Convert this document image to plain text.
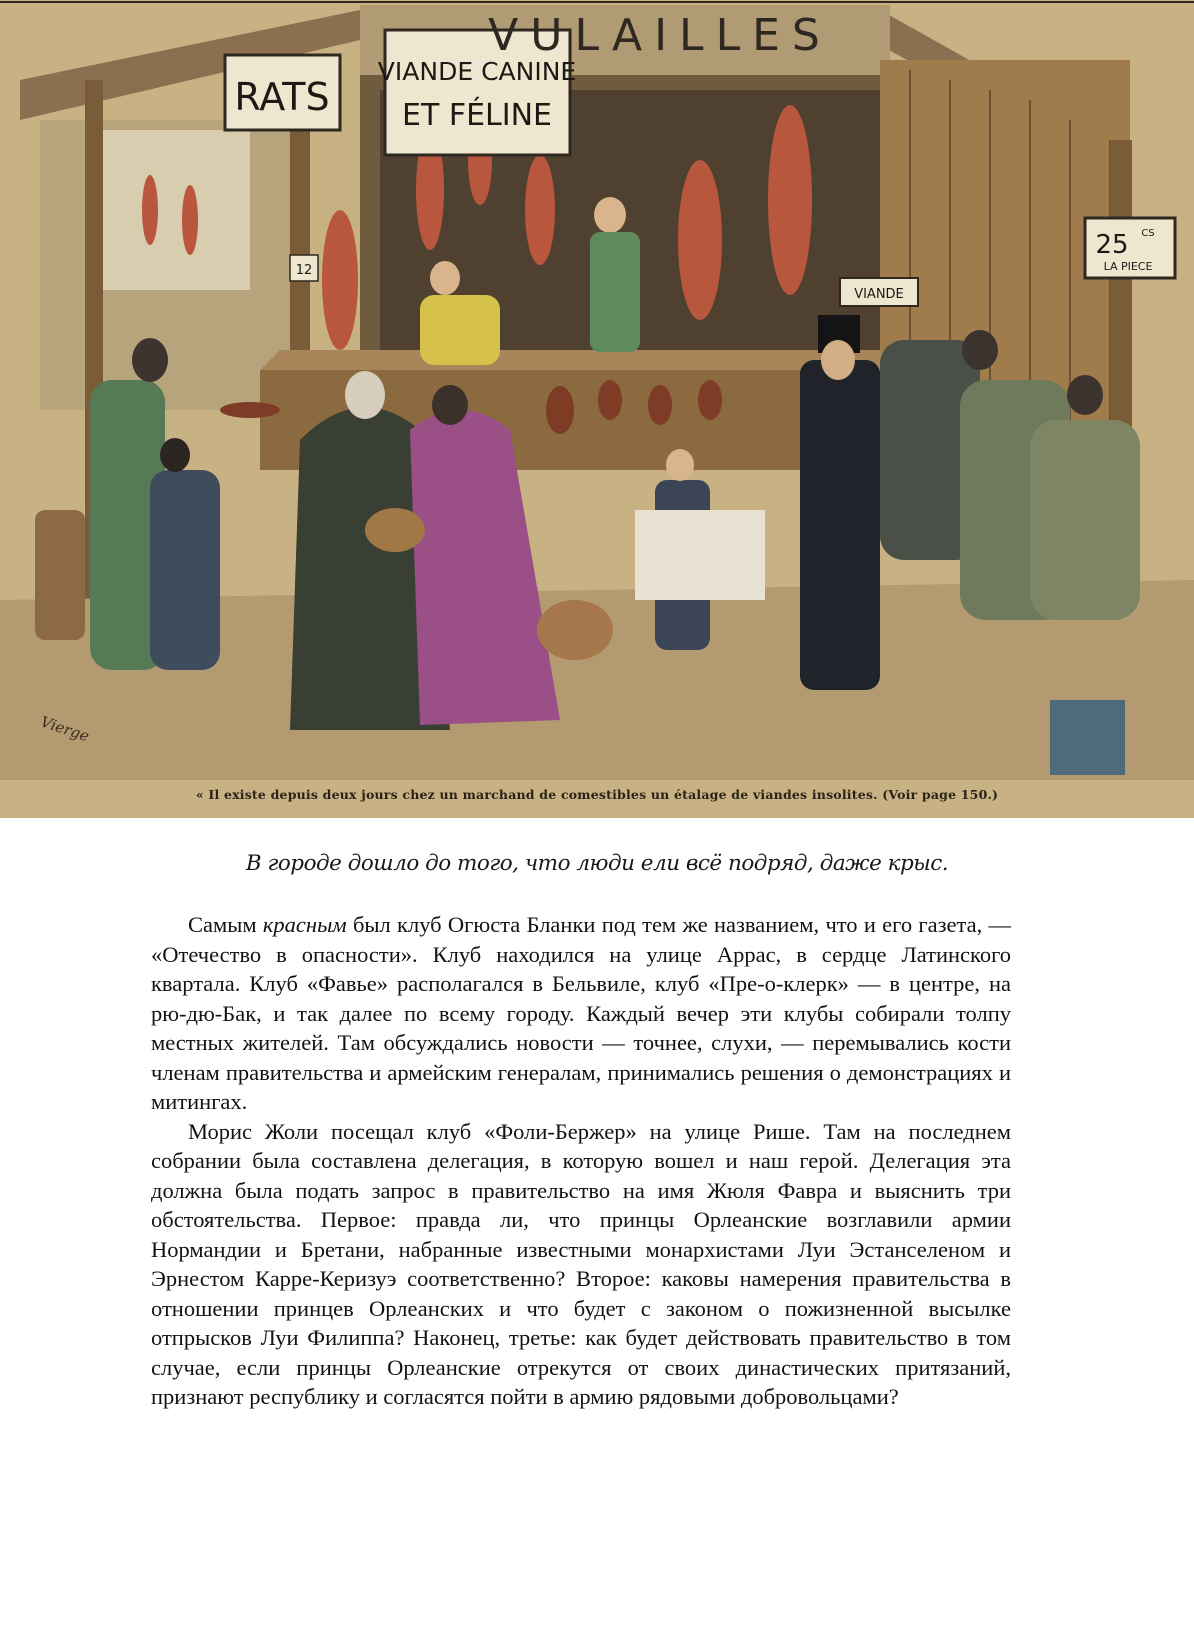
RATS
VIANDE CANINE
ET FÉLINE
VULAILLES
25 CS
LA PIECE
VIANDE
12
Vierge
« Il existe depuis deux jours chez un marchand de comestibles un étalage de viandes insolites. (Voir page 150.)
В городе дошло до того, что люди ели всё подряд, даже крыс.

Самым красным был клуб Огюста Бланки под тем же названием, что и его газета, — «Отечество в опасности». Клуб находился на улице Аррас, в сердце Латинского квартала. Клуб «Фавье» располагался в Бельвиле, клуб «Пре-о-клерк» — в центре, на рю-дю-Бак, и так далее по всему городу. Каждый вечер эти клубы собирали толпу местных жителей. Там обсуждались новости — точнее, слухи, — перемывались кости членам правительства и армейским генералам, принимались решения о демонстрациях и митингах.

Морис Жоли посещал клуб «Фоли-Бержер» на улице Рише. Там на последнем собрании была составлена делегация, в которую вошел и наш герой. Делегация эта должна была подать запрос в правительство на имя Жюля Фавра и выяснить три обстоятельства. Первое: правда ли, что принцы Орлеанские возглавили армии Нормандии и Бретани, набранные известными монархистами Луи Эстанселеном и Эрнестом Карре-Керизуэ соответственно? Второе: каковы намерения правительства в отношении принцев Орлеанских и что будет с законом о пожизненной высылке отпрысков Луи Филиппа? Наконец, третье: как будет действовать правительство в том случае, если принцы Орлеанские отрекутся от своих династических притязаний, признают республику и согласятся пойти в армию рядовыми добровольцами?
